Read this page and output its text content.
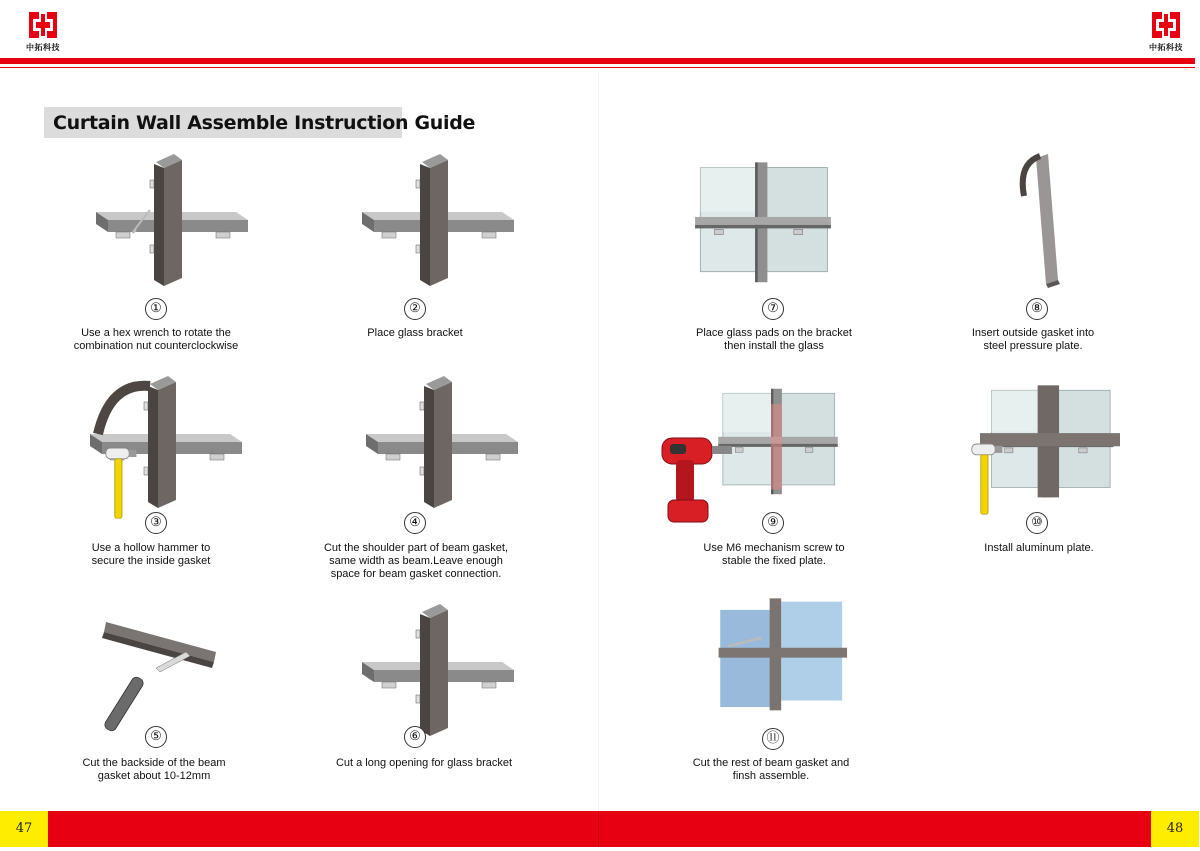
中拓科技	中拓科技
Curtain Wall Assemble Instruction Guide
①
Use a hex wrench to rotate the
combination nut counterclockwise
②
Place glass bracket
③
Use a hollow hammer to
secure the inside gasket
④
Cut the shoulder part of beam gasket,
same width as beam.Leave enough
space for beam gasket connection.
⑤
Cut the backside of the beam
gasket about 10-12mm
⑥
Cut a long opening for glass bracket
⑦
Place glass pads on the bracket
then install the glass
⑧
Insert outside gasket into
steel pressure plate.
⑨
Use M6 mechanism screw to
stable the fixed plate.
⑩
Install aluminum plate.
⑪
Cut the rest of beam gasket and
finsh assemble.
47	48
